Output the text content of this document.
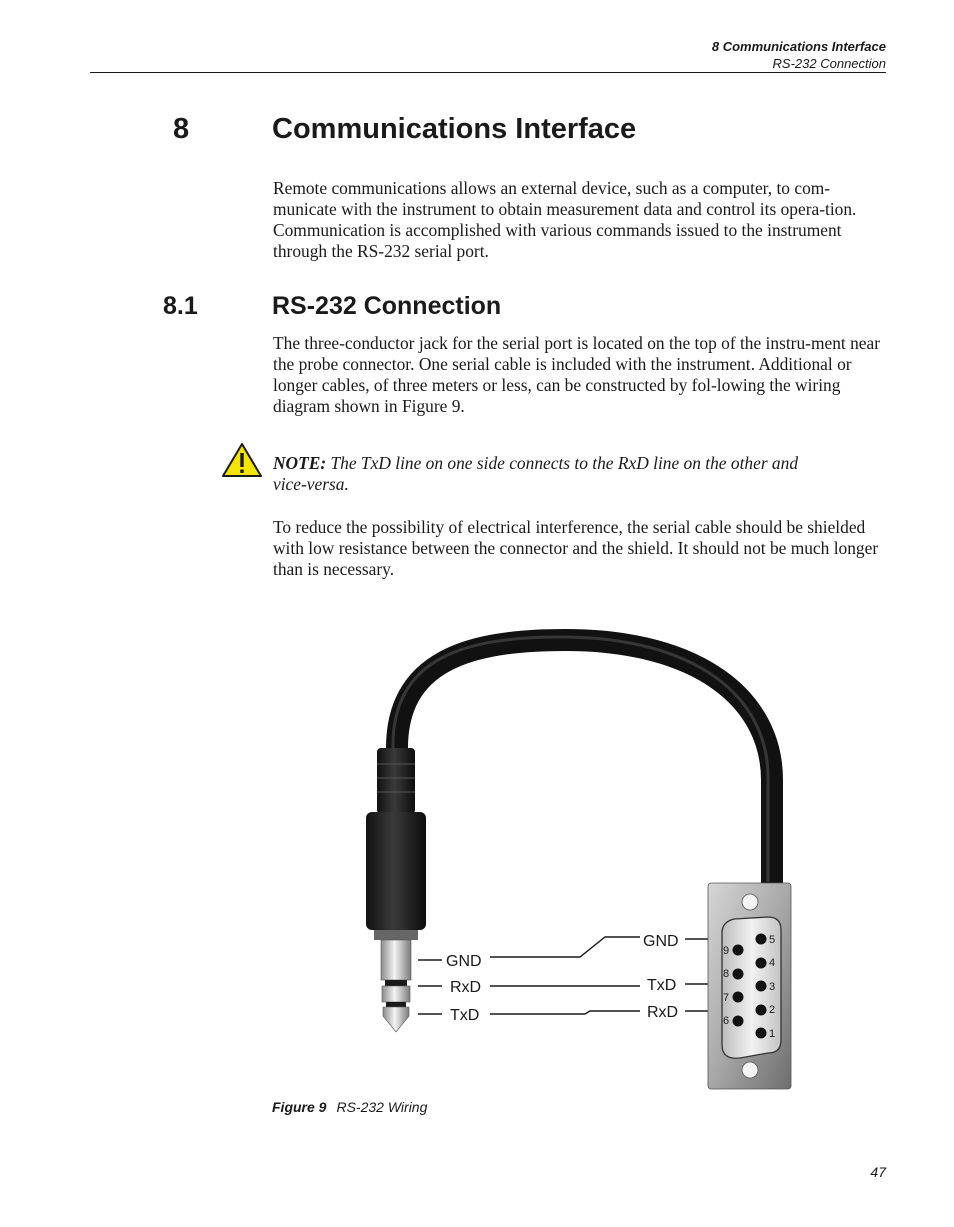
8 Communications Interface
RS-232 Connection
8	Communications Interface
Remote communications allows an external device, such as a computer, to com-municate with the instrument to obtain measurement data and control its opera-tion. Communication is accomplished with various commands issued to the instrument through the RS-232 serial port.
8.1	RS-232 Connection
The three-conductor jack for the serial port is located on the top of the instru-ment near the probe connector. One serial cable is included with the instrument. Additional or longer cables, of three meters or less, can be constructed by fol-lowing the wiring diagram shown in Figure 9.
NOTE: The TxD line on one side connects to the RxD line on the other and vice-versa.
To reduce the possibility of electrical interference, the serial cable should be shielded with low resistance between the connector and the shield. It should not be much longer than is necessary.
GND
RxD
TxD
GND
TxD
RxD
5
4
3
2
1
9
8
7
6
Figure 9 RS-232 Wiring
47
